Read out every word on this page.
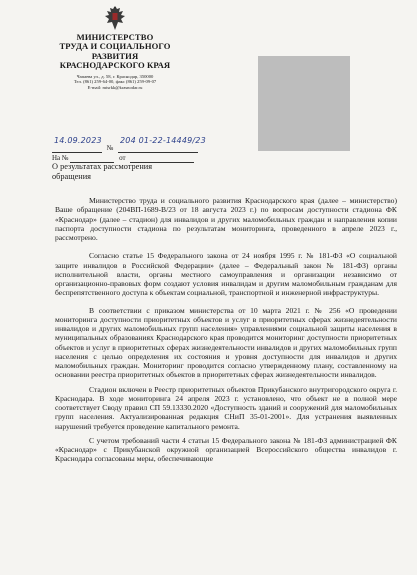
МИНИСТЕРСТВО
ТРУДА И СОЦИАЛЬНОГО
РАЗВИТИЯ
КРАСНОДАРСКОГО КРАЯ
Чапаева ул., д. 58, г. Краснодар, 350000
Тел. (861) 259-64-00, факс (861) 259-09-07
E-mail: mtsrkk@krasnodar.ru
№
14.09.2023 204 01-22-14449/23
На №	от
О результатах рассмотрения
обращения

Министерство труда и социального развития Краснодарского края (далее – министерство) Ваше обращение (204ВП-1689-В/23 от 18 августа 2023 г.) по вопросам доступности стадиона ФК «Краснодар» (далее – стадион) для инвалидов и других маломобильных граждан и направления копии паспорта доступности стадиона по результатам мониторинга, проведенного в апреле 2023 г., рассмотрено.

Согласно статье 15 Федерального закона от 24 ноября 1995 г. № 181-ФЗ «О социальной защите инвалидов в Российской Федерации» (далее – Федеральный закон № 181-ФЗ) органы исполнительной власти, органы местного самоуправления и организации независимо от организационно-правовых форм создают условия инвалидам и другим маломобильным гражданам для беспрепятственного доступа к объектам социальной, транспортной и инженерной инфраструктуры.

В соответствии с приказом министерства от 10 марта 2021 г. № 256 «О проведении мониторинга доступности приоритетных объектов и услуг в приоритетных сферах жизнедеятельности инвалидов и других маломобильных групп населения» управлениями социальной защиты населения в муниципальных образованиях Краснодарского края проводится мониторинг доступности приоритетных объектов и услуг в приоритетных сферах жизнедеятельности инвалидов и других маломобильных групп населения с целью определения их состояния и уровня доступности для инвалидов и других маломобильных граждан. Мониторинг проводится согласно утвержденному плану, составленному на основании реестра приоритетных объектов в приоритетных сферах жизнедеятельности инвалидов.

Стадион включен в Реестр приоритетных объектов Прикубанского внутригородского округа г. Краснодара. В ходе мониторинга 24 апреля 2023 г. установлено, что объект не в полной мере соответствует Своду правил СП 59.13330.2020 «Доступность зданий и сооружений для маломобильных групп населения. Актуализированная редакция СНиП 35-01-2001». Для устранения выявленных нарушений требуется проведение капитального ремонта.

С учетом требований части 4 статьи 15 Федерального закона № 181-ФЗ администрацией ФК «Краснодар» с Прикубанской окружной организацией Всероссийского общества инвалидов г. Краснодара согласованы меры, обеспечивающие
